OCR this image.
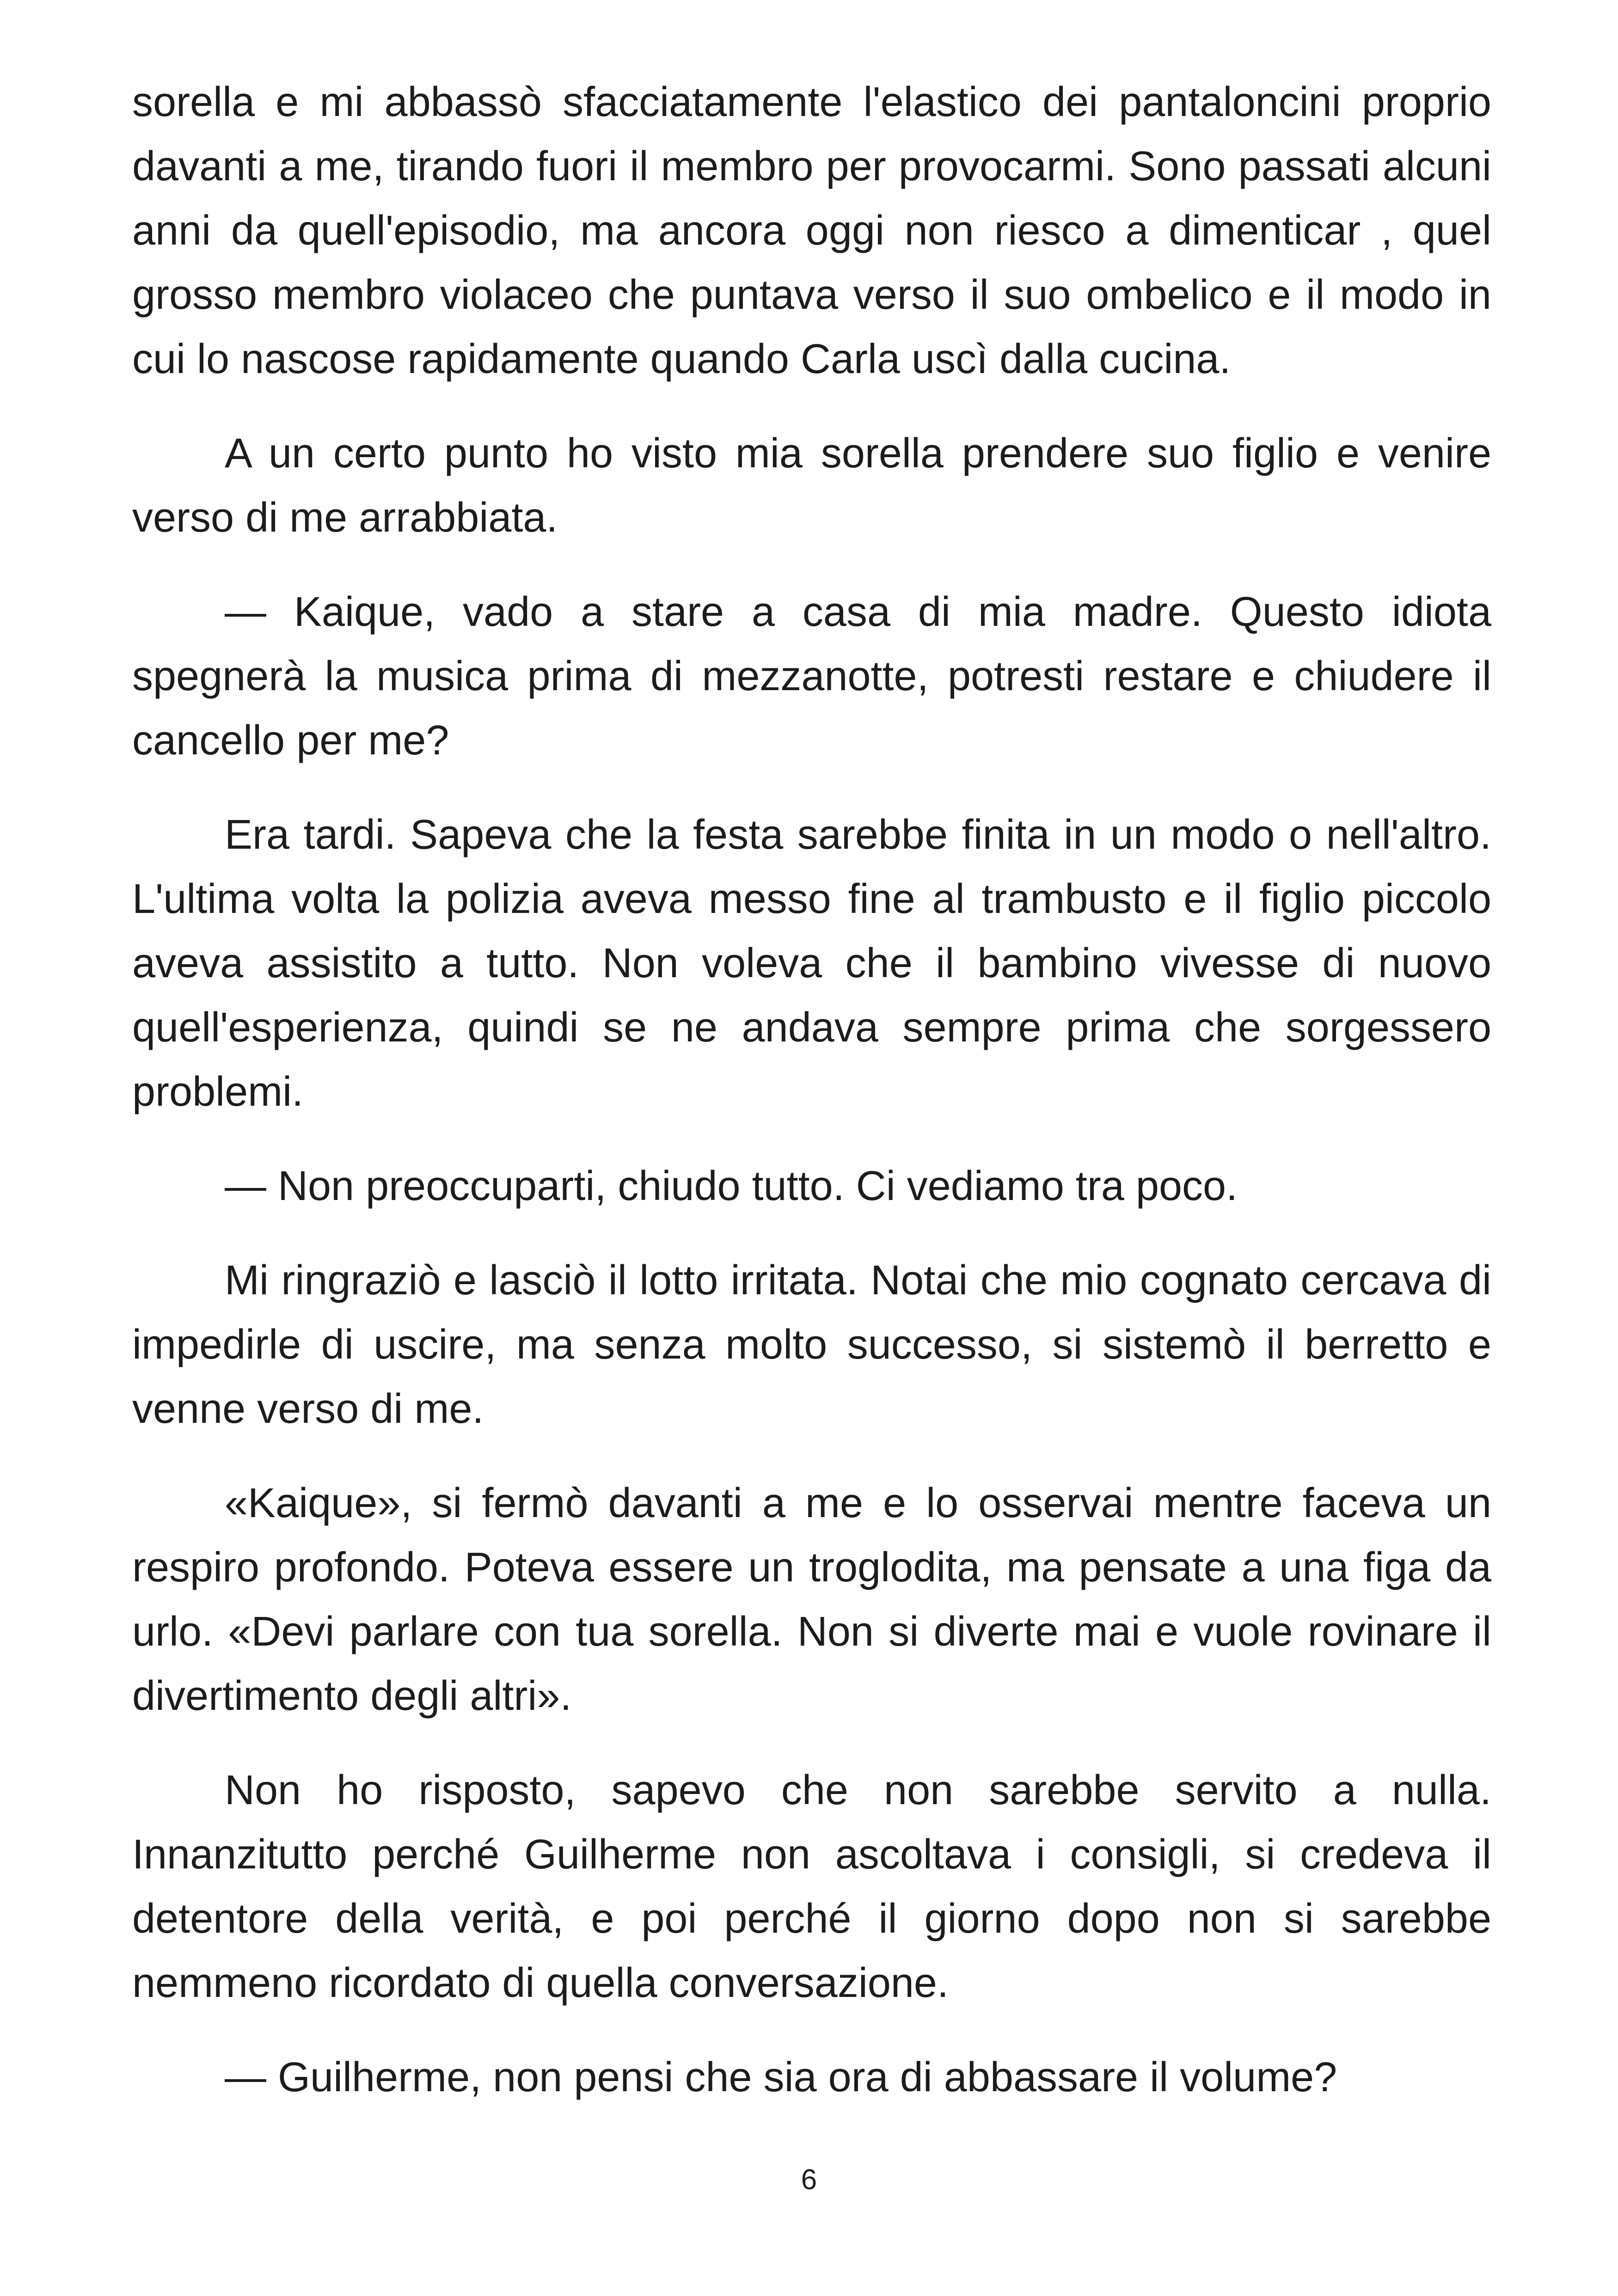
sorella e mi abbassò sfacciatamente l'elastico dei pantaloncini proprio davanti a me, tirando fuori il membro per provocarmi. Sono passati alcuni anni da quell'episodio, ma ancora oggi non riesco a dimenticar , quel grosso membro violaceo che puntava verso il suo ombelico e il modo in cui lo nascose rapidamente quando Carla uscì dalla cucina.

A un certo punto ho visto mia sorella prendere suo figlio e venire verso di me arrabbiata.

— Kaique, vado a stare a casa di mia madre. Questo idiota spegnerà la musica prima di mezzanotte, potresti restare e chiudere il cancello per me?

Era tardi. Sapeva che la festa sarebbe finita in un modo o nell'altro. L'ultima volta la polizia aveva messo fine al trambusto e il figlio piccolo aveva assistito a tutto. Non voleva che il bambino vivesse di nuovo quell'esperienza, quindi se ne andava sempre prima che sorgessero problemi.

— Non preoccuparti, chiudo tutto. Ci vediamo tra poco.

Mi ringraziò e lasciò il lotto irritata. Notai che mio cognato cercava di impedirle di uscire, ma senza molto successo, si sistemò il berretto e venne verso di me.

«Kaique», si fermò davanti a me e lo osservai mentre faceva un respiro profondo. Poteva essere un troglodita, ma pensate a una figa da urlo. «Devi parlare con tua sorella. Non si diverte mai e vuole rovinare il divertimento degli altri».

Non ho risposto, sapevo che non sarebbe servito a nulla. Innanzitutto perché Guilherme non ascoltava i consigli, si credeva il detentore della verità, e poi perché il giorno dopo non si sarebbe nemmeno ricordato di quella conversazione.

— Guilherme, non pensi che sia ora di abbassare il volume?

6
